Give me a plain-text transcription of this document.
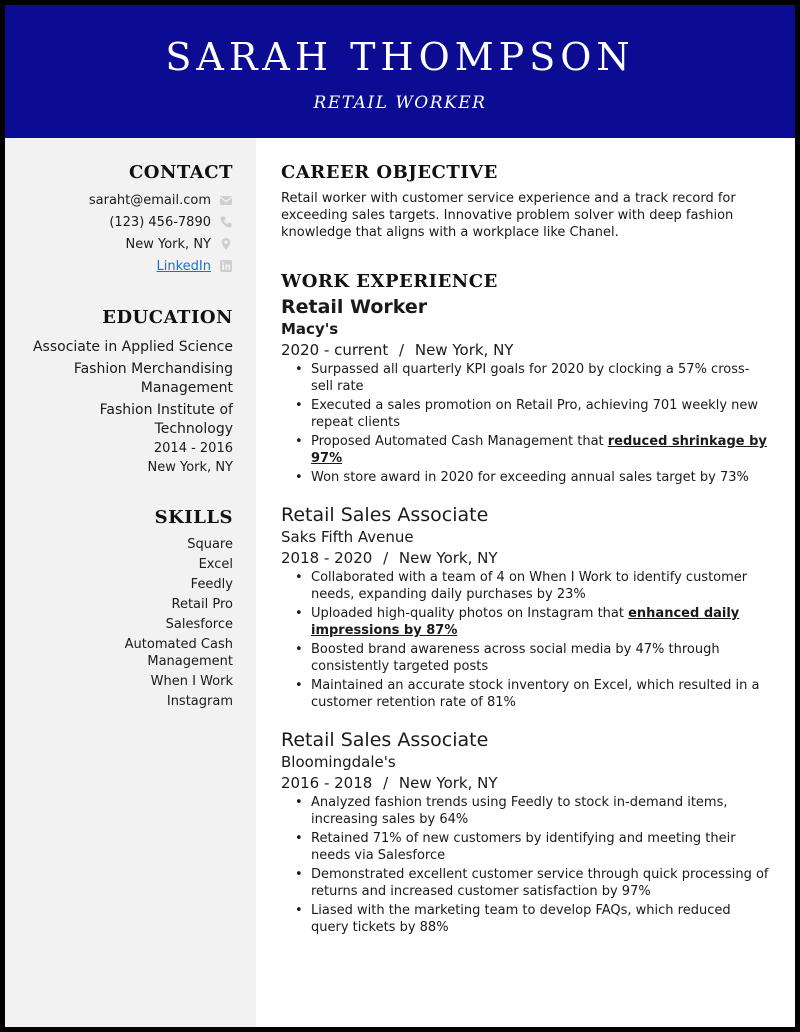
SARAH THOMPSON
RETAIL WORKER
CONTACT
saraht@email.com
(123) 456-7890
New York, NY
LinkedIn
EDUCATION
Associate in Applied Science
Fashion Merchandising Management
Fashion Institute of Technology
2014 - 2016
New York, NY
SKILLS
Square
Excel
Feedly
Retail Pro
Salesforce
Automated Cash Management
When I Work
Instagram
CAREER OBJECTIVE
Retail worker with customer service experience and a track record for exceeding sales targets. Innovative problem solver with deep fashion knowledge that aligns with a workplace like Chanel.
WORK EXPERIENCE
Retail Worker
Macy's
2020 - current / New York, NY
• Surpassed all quarterly KPI goals for 2020 by clocking a 57% cross-sell rate
• Executed a sales promotion on Retail Pro, achieving 701 weekly new repeat clients
• Proposed Automated Cash Management that reduced shrinkage by 97%
• Won store award in 2020 for exceeding annual sales target by 73%
Retail Sales Associate
Saks Fifth Avenue
2018 - 2020 / New York, NY
• Collaborated with a team of 4 on When I Work to identify customer needs, expanding daily purchases by 23%
• Uploaded high-quality photos on Instagram that enhanced daily impressions by 87%
• Boosted brand awareness across social media by 47% through consistently targeted posts
• Maintained an accurate stock inventory on Excel, which resulted in a customer retention rate of 81%
Retail Sales Associate
Bloomingdale's
2016 - 2018 / New York, NY
• Analyzed fashion trends using Feedly to stock in-demand items, increasing sales by 64%
• Retained 71% of new customers by identifying and meeting their needs via Salesforce
• Demonstrated excellent customer service through quick processing of returns and increased customer satisfaction by 97%
• Liased with the marketing team to develop FAQs, which reduced query tickets by 88%
